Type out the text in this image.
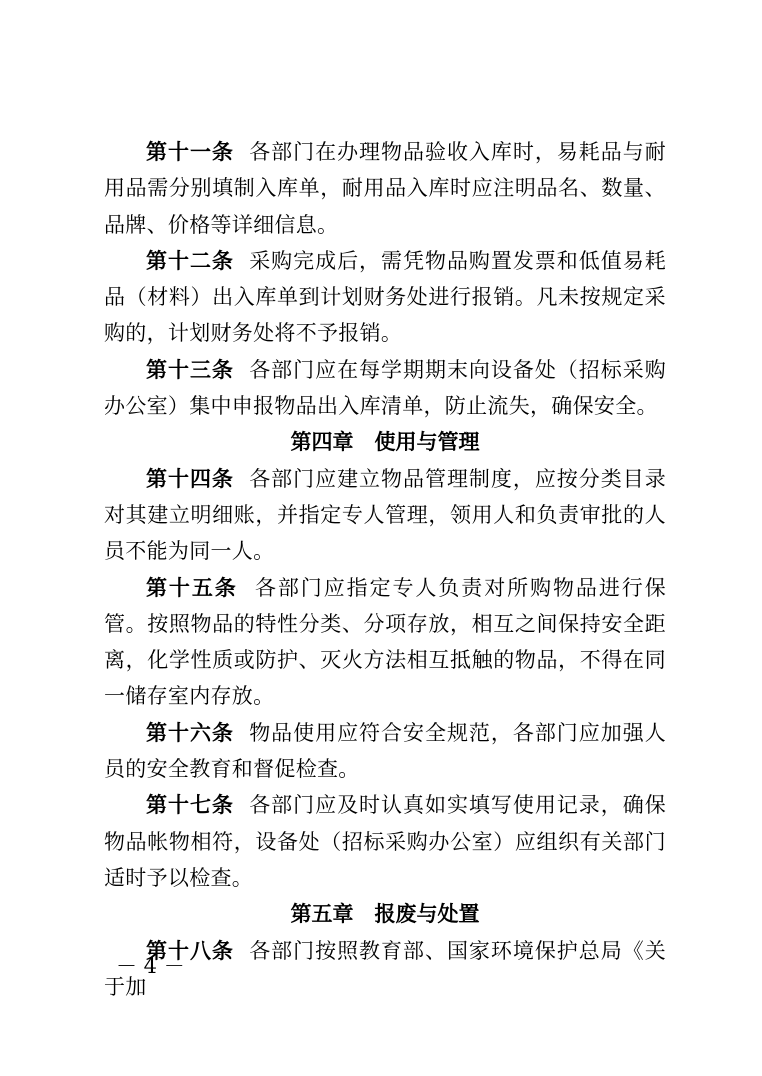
第十一条 各部门在办理物品验收入库时，易耗品与耐用品需分别填制入库单，耐用品入库时应注明品名、数量、品牌、价格等详细信息。

第十二条 采购完成后，需凭物品购置发票和低值易耗品（材料）出入库单到计划财务处进行报销。凡未按规定采购的，计划财务处将不予报销。

第十三条 各部门应在每学期期末向设备处（招标采购办公室）集中申报物品出入库清单，防止流失，确保安全。

第四章　使用与管理

第十四条 各部门应建立物品管理制度，应按分类目录对其建立明细账，并指定专人管理，领用人和负责审批的人员不能为同一人。

第十五条 各部门应指定专人负责对所购物品进行保管。按照物品的特性分类、分项存放，相互之间保持安全距离，化学性质或防护、灭火方法相互抵触的物品，不得在同一储存室内存放。

第十六条 物品使用应符合安全规范，各部门应加强人员的安全教育和督促检查。

第十七条 各部门应及时认真如实填写使用记录，确保物品帐物相符，设备处（招标采购办公室）应组织有关部门适时予以检查。

第五章　报废与处置

第十八条 各部门按照教育部、国家环境保护总局《关于加

－ 4 －
